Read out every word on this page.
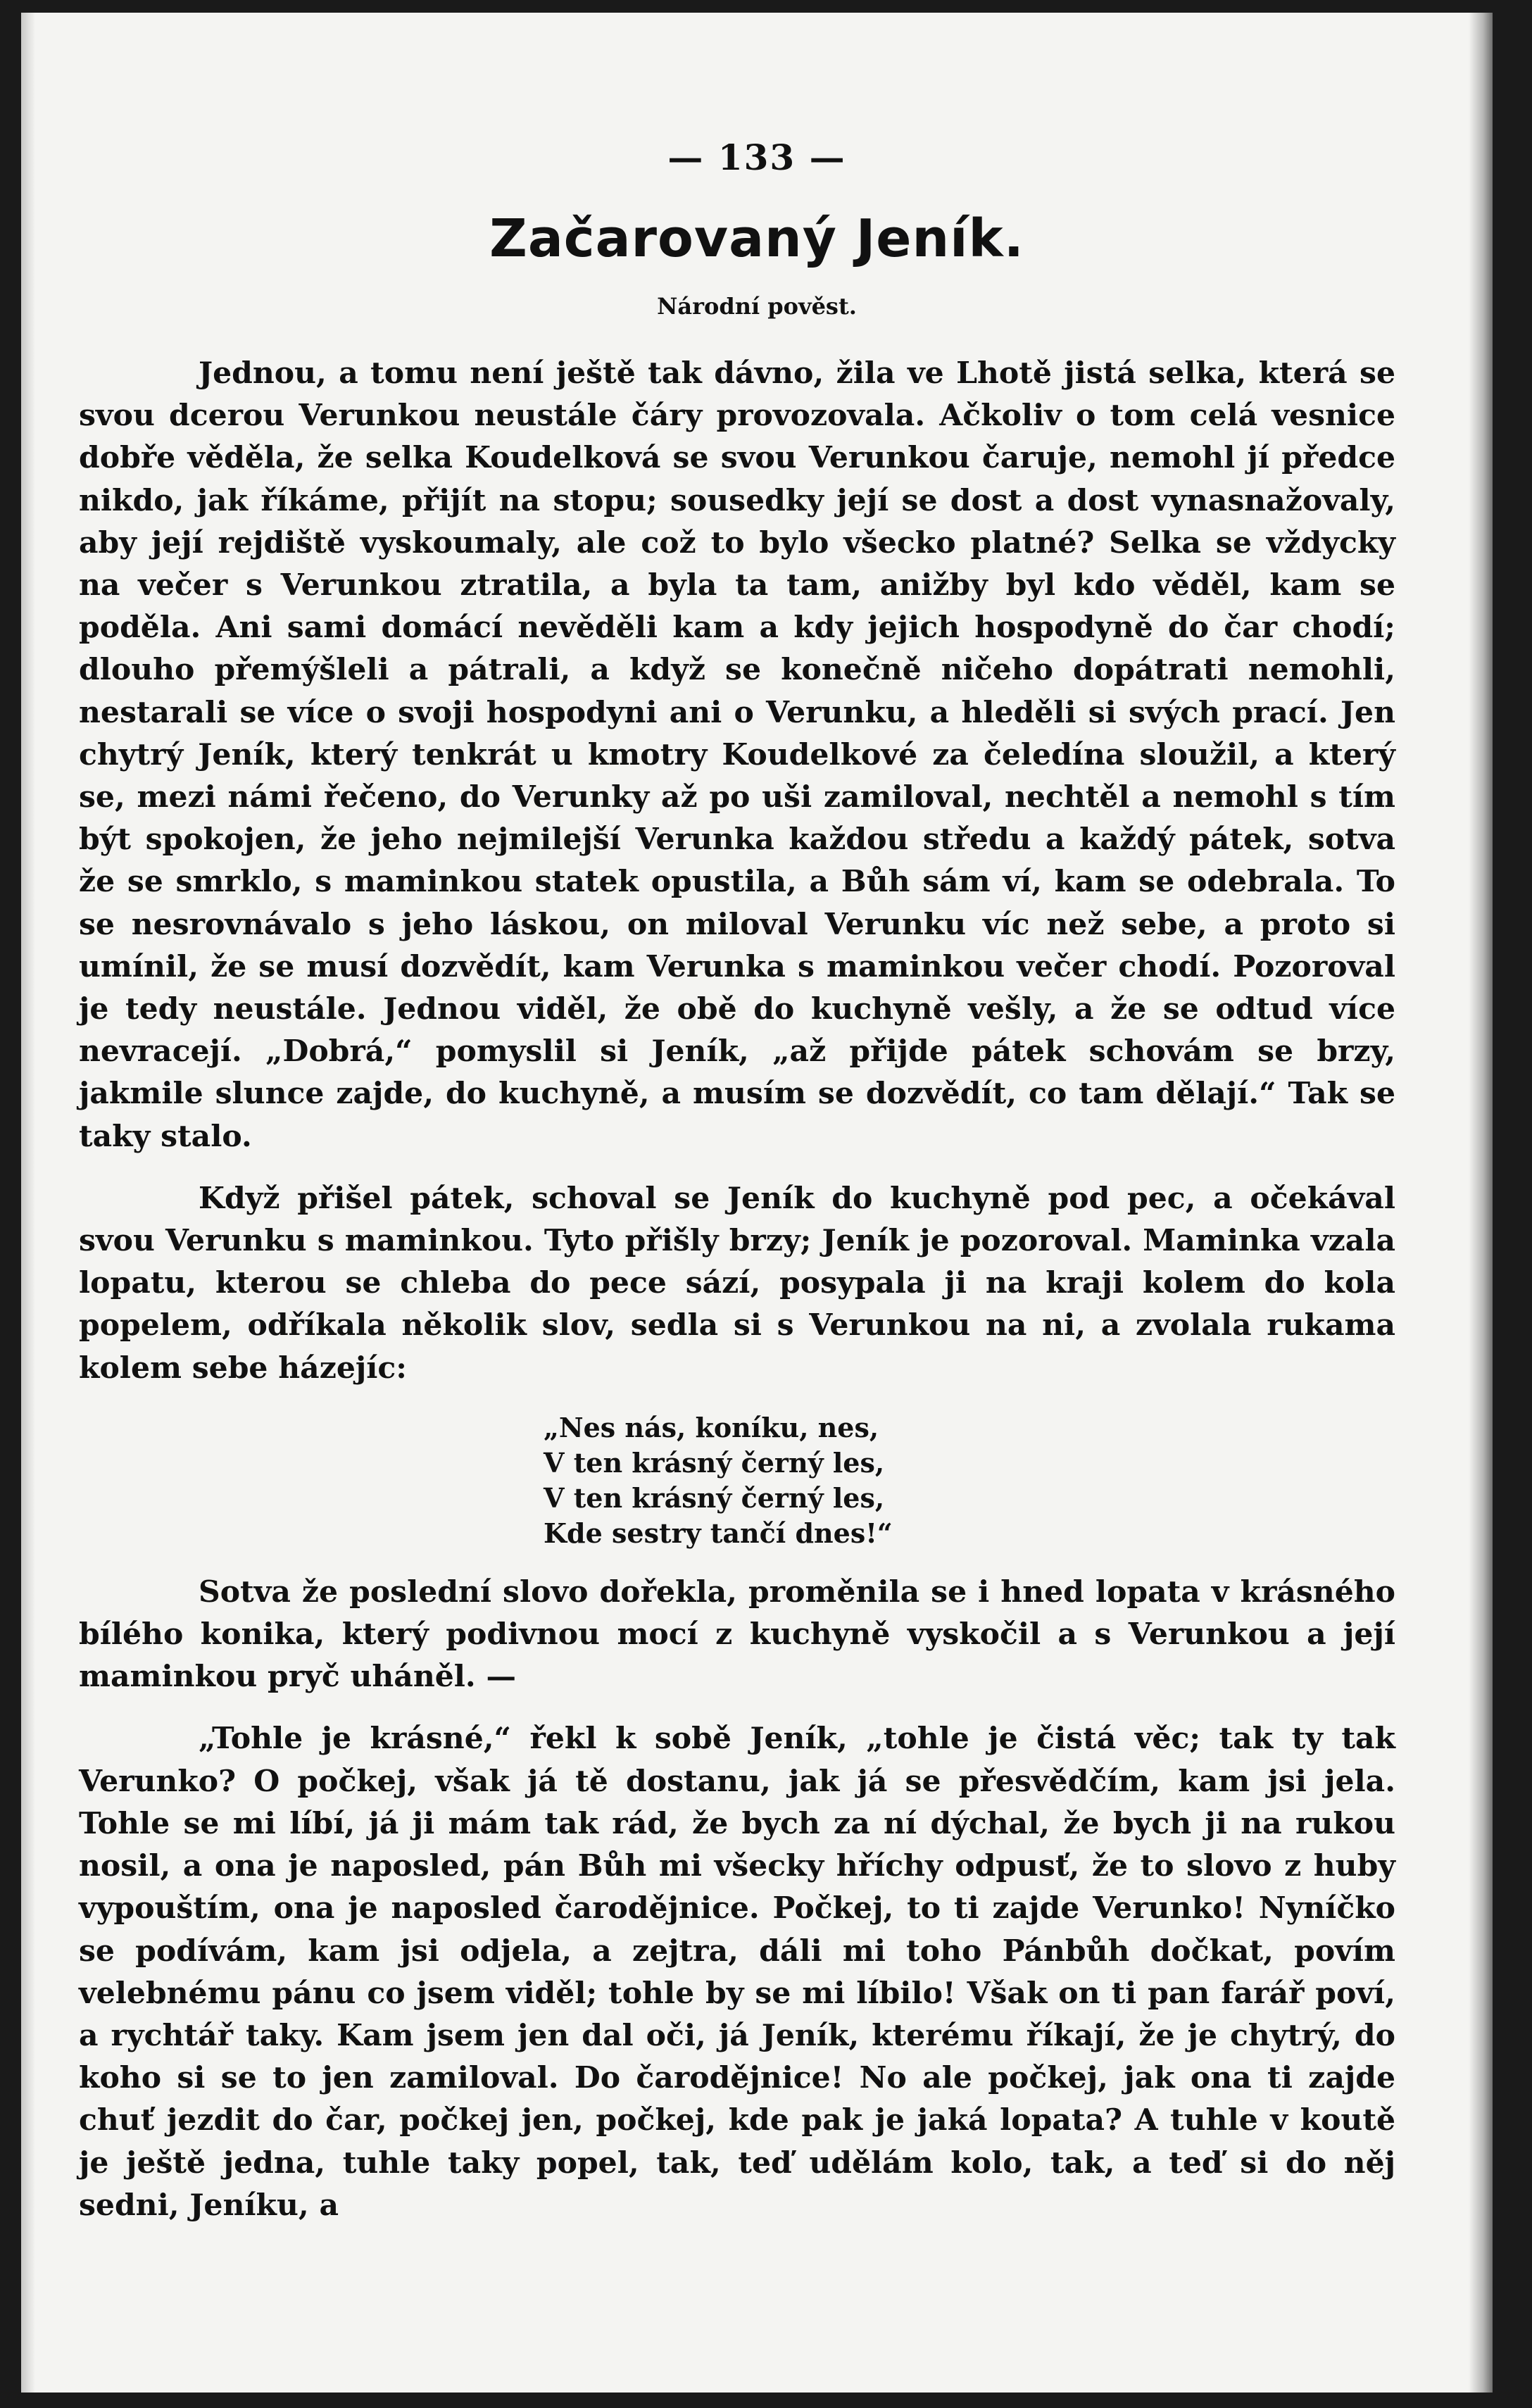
— 133 —
Začarovaný Jeník.
Národní pověst.

Jednou, a tomu není ještě tak dávno, žila ve Lhotě jistá selka, která se svou dcerou Verunkou neustále čáry provozovala. Ačkoliv o tom celá vesnice dobře věděla, že selka Koudelková se svou Verunkou čaruje, nemohl jí předce nikdo, jak říkáme, přijít na stopu; sousedky její se dost a dost vynasnažovaly, aby její rejdiště vyskoumaly, ale což to bylo všecko platné? Selka se vždycky na večer s Verunkou ztratila, a byla ta tam, anižby byl kdo věděl, kam se poděla. Ani sami domácí nevěděli kam a kdy jejich hospodyně do čar chodí; dlouho přemýšleli a pátrali, a když se konečně ničeho dopátrati nemohli, nestarali se více o svoji hospodyni ani o Verunku, a hleděli si svých prací. Jen chytrý Jeník, který tenkrát u kmotry Koudelkové za čeledína sloužil, a který se, mezi námi řečeno, do Verunky až po uši zamiloval, nechtěl a nemohl s tím být spokojen, že jeho nejmilejší Verunka každou středu a každý pátek, sotva že se smrklo, s maminkou statek opustila, a Bůh sám ví, kam se odebrala. To se nesrovnávalo s jeho láskou, on miloval Verunku víc než sebe, a proto si umínil, že se musí dozvědít, kam Verunka s maminkou večer chodí. Pozoroval je tedy neustále. Jednou viděl, že obě do kuchyně vešly, a že se odtud více nevracejí. „Dobrá,“ pomyslil si Jeník, „až přijde pátek schovám se brzy, jakmile slunce zajde, do kuchyně, a musím se dozvědít, co tam dělají.“ Tak se taky stalo.

Když přišel pátek, schoval se Jeník do kuchyně pod pec, a očekával svou Verunku s maminkou. Tyto přišly brzy; Jeník je pozoroval. Maminka vzala lopatu, kterou se chleba do pece sází, posypala ji na kraji kolem do kola popelem, odříkala několik slov, sedla si s Verunkou na ni, a zvolala rukama kolem sebe házejíc:

„Nes nás, koníku, nes,
V ten krásný černý les,
V ten krásný černý les,
Kde sestry tančí dnes!“

Sotva že poslední slovo dořekla, proměnila se i hned lopata v krásného bílého konika, který podivnou mocí z kuchyně vyskočil a s Verunkou a její maminkou pryč uháněl. —

„Tohle je krásné,“ řekl k sobě Jeník, „tohle je čistá věc; tak ty tak Verunko? O počkej, však já tě dostanu, jak já se přesvědčím, kam jsi jela. Tohle se mi líbí, já ji mám tak rád, že bych za ní dýchal, že bych ji na rukou nosil, a ona je naposled, pán Bůh mi všecky hříchy odpusť, že to slovo z huby vypouštím, ona je naposled čarodějnice. Počkej, to ti zajde Verunko! Nyníčko se podívám, kam jsi odjela, a zejtra, dáli mi toho Pánbůh dočkat, povím velebnému pánu co jsem viděl; tohle by se mi líbilo! Však on ti pan farář poví, a rychtář taky. Kam jsem jen dal oči, já Jeník, kterému říkají, že je chytrý, do koho si se to jen zamiloval. Do čarodějnice! No ale počkej, jak ona ti zajde chuť jezdit do čar, počkej jen, počkej, kde pak je jaká lopata? A tuhle v koutě je ještě jedna, tuhle taky popel, tak, teď udělám kolo, tak, a teď si do něj sedni, Jeníku, a
